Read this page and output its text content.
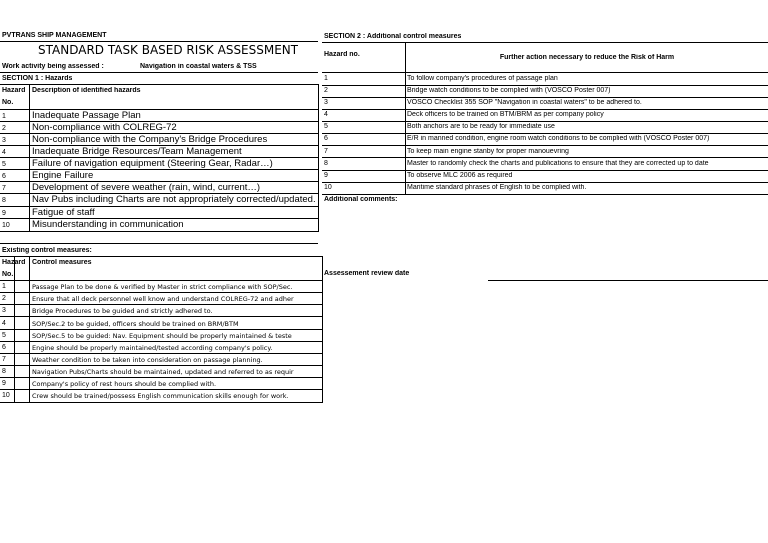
PVTRANS SHIP MANAGEMENT
STANDARD TASK BASED RISK ASSESSMENT
Work activity being assessed :	Navigation in coastal waters & TSS
SECTION 1 : Hazards
Hazard Description of identified hazards
No.
1	Inadequate Passage Plan
2	Non-compliance with COLREG-72
3	Non-compliance with the Company's Bridge Procedures
4	Inadequate Bridge Resources/Team Management
5	Failure of navigation equipment (Steering Gear, Radar…)
6	Engine Failure
7	Development of severe weather (rain, wind, current…)
8	Nav Pubs including Charts are not appropriately corrected/updated.
9	Fatigue of staff
10 Misunderstanding in communication
Existing control measures:
Hazard Control measures
No.
1	Passage Plan to be done & verified by Master in strict compliance with SOP/Sec.
2	Ensure that all deck personnel well know and understand COLREG-72 and adher
3	Bridge Procedures to be guided and strictly adhered to.
4	SOP/Sec.2 to be guided, officers should be trained on BRM/BTM
5	SOP/Sec.5 to be guided: Nav. Equipment should be properly maintained & teste
6	Engine should be properly maintained/tested according company's policy.
7	Weather condition to be taken into consideration on passage planning.
8	Navigation Pubs/Charts should be maintained, updated and referred to as requir
9	Company's policy of rest hours should be complied with.
10	Crew should be trained/possess English communication skills enough for work.
SECTION 2 : Additional control measures
Hazard no.	Further action necessary to reduce the Risk of Harm
1	To follow company's procedures of passage plan
2	Bridge watch conditions to be complied with (VOSCO Poster 007)
3	VOSCO Checklist 355 SOP "Navigation in coastal waters" to be adhered to.
4	Deck officers to be trained on BTM/BRM as per company policy
5	Both anchors are to be ready for immediate use
6	E/R in manned condition, engine room watch conditions to be complied with (VOSCO Poster 007)
7	To keep main engine stanby for proper manouevring
8	Master to randomly check the charts and publications to ensure that they are corrected up to date
9	To observe MLC 2006 as required
10	Maritime standard phrases of English to be complied with.
Additional comments:
Assessement review date
